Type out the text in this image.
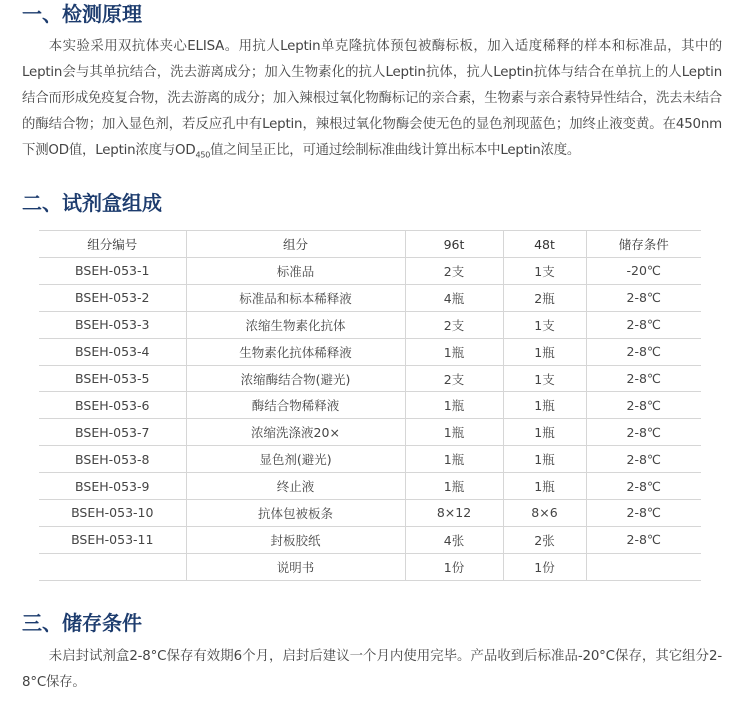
一、检测原理

本实验采用双抗体夹心ELISA。用抗人Leptin单克隆抗体预包被酶标板，加入适度稀释的样本和标准品，其中的Leptin会与其单抗结合，洗去游离成分；加入生物素化的抗人Leptin抗体，抗人Leptin抗体与结合在单抗上的人Leptin结合而形成免疫复合物，洗去游离的成分；加入辣根过氧化物酶标记的亲合素，生物素与亲合素特异性结合，洗去未结合的酶结合物；加入显色剂，若反应孔中有Leptin，辣根过氧化物酶会使无色的显色剂现蓝色；加终止液变黄。在450nm下测OD值，Leptin浓度与$OD_{450}$值之间呈正比，可通过绘制标准曲线计算出标本中Leptin浓度。

二、试剂盒组成
组分编号	组分	96t	48t	储存条件
BSEH-053-1	标准品	2支	1支	-20℃
BSEH-053-2	标准品和标本稀释液	4瓶	2瓶	2-8℃
BSEH-053-3	浓缩生物素化抗体	2支	1支	2-8℃
BSEH-053-4	生物素化抗体稀释液	1瓶	1瓶	2-8℃
BSEH-053-5	浓缩酶结合物(避光)	2支	1支	2-8℃
BSEH-053-6	酶结合物稀释液	1瓶	1瓶	2-8℃
BSEH-053-7	浓缩洗涤液20×	1瓶	1瓶	2-8℃
BSEH-053-8	显色剂(避光)	1瓶	1瓶	2-8℃
BSEH-053-9	终止液	1瓶	1瓶	2-8℃
BSEH-053-10	抗体包被板条	8×12	8×6	2-8℃
BSEH-053-11	封板胶纸	4张	2张	2-8℃
	说明书	1份	1份	
三、储存条件

未启封试剂盒2-8°C保存有效期6个月，启封后建议一个月内使用完毕。产品收到后标准品-20°C保存，其它组分2-8°C保存。
